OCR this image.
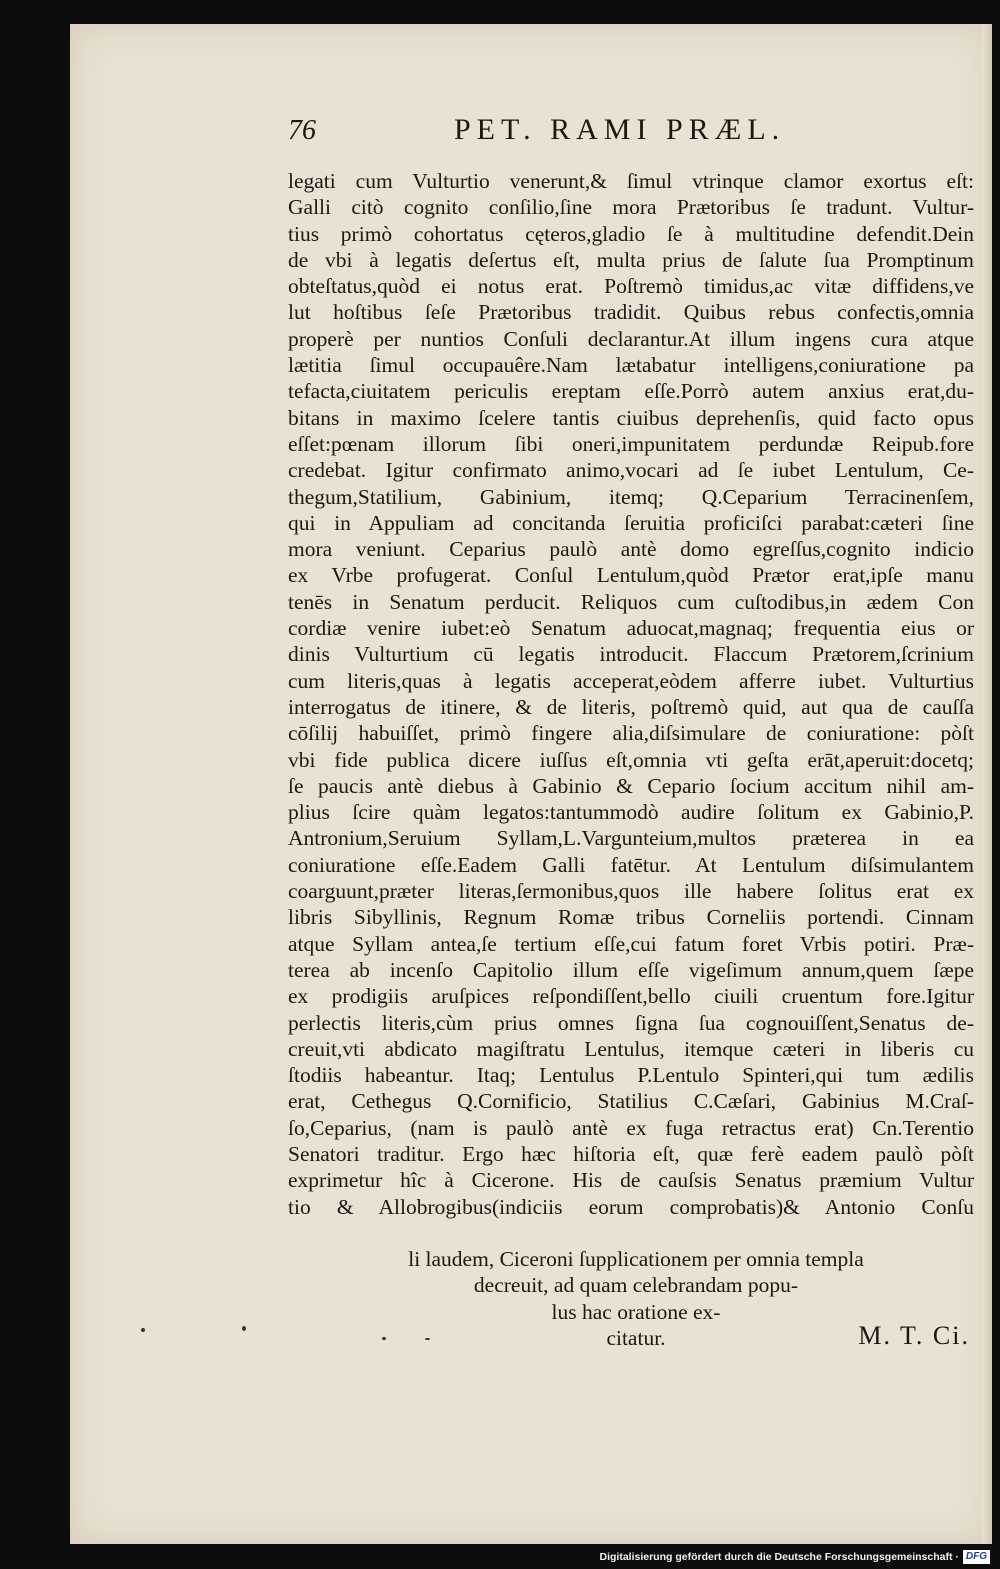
76	PET. RAMI PRÆL.
legati cum Vulturtio venerunt,& ſimul vtrinque clamor exortus eſt:
Galli citò cognito conſilio,ſine mora Prætoribus ſe tradunt. Vultur-
tius primò cohortatus cęteros,gladio ſe à multitudine defendit.Dein
de vbi à legatis deſertus eſt, multa prius de ſalute ſua Promptinum
obteſtatus,quòd ei notus erat. Poſtremò timidus,ac vitæ diffidens,ve
lut hoſtibus ſeſe Prætoribus tradidit. Quibus rebus confectis,omnia
properè per nuntios Conſuli declarantur.At illum ingens cura atque
lætitia ſimul occupauêre.Nam lætabatur intelligens,coniuratione pa
tefacta,ciuitatem periculis ereptam eſſe.Porrò autem anxius erat,du-
bitans in maximo ſcelere tantis ciuibus deprehenſis, quid facto opus
eſſet:pœnam illorum ſibi oneri,impunitatem perdundæ Reipub.fore
credebat. Igitur confirmato animo,vocari ad ſe iubet Lentulum, Ce-
thegum,Statilium, Gabinium, itemq; Q.Ceparium Terracinenſem,
qui in Appuliam ad concitanda ſeruitia proficiſci parabat:cæteri ſine
mora veniunt. Ceparius paulò antè domo egreſſus,cognito indicio
ex Vrbe profugerat. Conſul Lentulum,quòd Prætor erat,ipſe manu
tenēs in Senatum perducit. Reliquos cum cuſtodibus,in ædem Con
cordiæ venire iubet:eò Senatum aduocat,magnaq; frequentia eius or
dinis Vulturtium cū legatis introducit. Flaccum Prætorem,ſcrinium
cum literis,quas à legatis acceperat,eòdem afferre iubet. Vulturtius
interrogatus de itinere, & de literis, poſtremò quid, aut qua de cauſſa
cōſilij habuiſſet, primò fingere alia,diſsimulare de coniuratione: pòſt
vbi fide publica dicere iuſſus eſt,omnia vti geſta erāt,aperuit:docetq;
ſe paucis antè diebus à Gabinio & Cepario ſocium accitum nihil am-
plius ſcire quàm legatos:tantummodò audire ſolitum ex Gabinio,P.
Antronium,Seruium Syllam,L.Vargunteium,multos præterea in ea
coniuratione eſſe.Eadem Galli fatētur. At Lentulum diſsimulantem
coarguunt,præter literas,ſermonibus,quos ille habere ſolitus erat ex
libris Sibyllinis, Regnum Romæ tribus Corneliis portendi. Cinnam
atque Syllam antea,ſe tertium eſſe,cui fatum foret Vrbis potiri. Præ-
terea ab incenſo Capitolio illum eſſe vigeſimum annum,quem ſæpe
ex prodigiis aruſpices reſpondiſſent,bello ciuili cruentum fore.Igitur
perlectis literis,cùm prius omnes ſigna ſua cognouiſſent,Senatus de-
creuit,vti abdicato magiſtratu Lentulus, itemque cæteri in liberis cu
ſtodiis habeantur. Itaq; Lentulus P.Lentulo Spinteri,qui tum ædilis
erat, Cethegus Q.Cornificio, Statilius C.Cæſari, Gabinius M.Craſ-
ſo,Ceparius, (nam is paulò antè ex fuga retractus erat) Cn.Terentio
Senatori traditur. Ergo hæc hiſtoria eſt, quæ ferè eadem paulò pòſt
exprimetur hîc à Cicerone. His de cauſsis Senatus præmium Vultur
tio & Allobrogibus(indiciis eorum comprobatis)& Antonio Conſu
li laudem, Ciceroni ſupplicationem per omnia templa
decreuit, ad quam celebrandam popu-
lus hac oratione ex-
citatur.	M. T. Ci.
Digitalisierung gefördert durch die Deutsche Forschungsgemeinschaft · DFG
